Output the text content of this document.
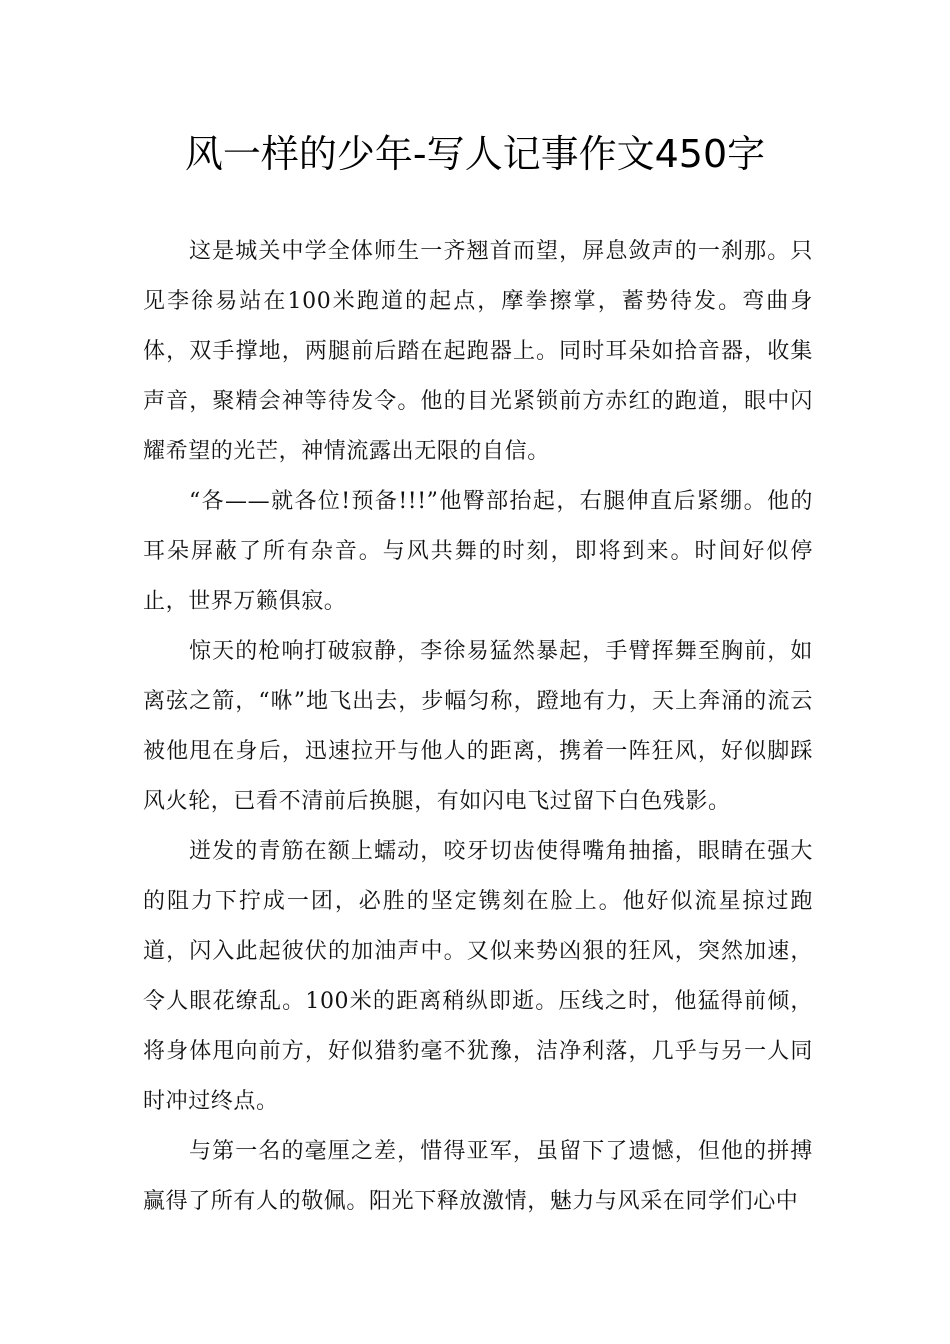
风一样的少年-写人记事作文450字

这是城关中学全体师生一齐翘首而望，屏息敛声的一刹那。只见李徐易站在100米跑道的起点，摩拳擦掌，蓄势待发。弯曲身体，双手撑地，两腿前后踏在起跑器上。同时耳朵如拾音器，收集声音，聚精会神等待发令。他的目光紧锁前方赤红的跑道，眼中闪耀希望的光芒，神情流露出无限的自信。

“各——就各位!预备!!!”他臀部抬起，右腿伸直后紧绷。他的耳朵屏蔽了所有杂音。与风共舞的时刻，即将到来。时间好似停止，世界万籁俱寂。

惊天的枪响打破寂静，李徐易猛然暴起，手臂挥舞至胸前，如离弦之箭，“咻”地飞出去，步幅匀称，蹬地有力，天上奔涌的流云被他甩在身后，迅速拉开与他人的距离，携着一阵狂风，好似脚踩风火轮，已看不清前后换腿，有如闪电飞过留下白色残影。

迸发的青筋在额上蠕动，咬牙切齿使得嘴角抽搐，眼睛在强大的阻力下拧成一团，必胜的坚定镌刻在脸上。他好似流星掠过跑道，闪入此起彼伏的加油声中。又似来势凶狠的狂风，突然加速，令人眼花缭乱。100米的距离稍纵即逝。压线之时，他猛得前倾，将身体甩向前方，好似猎豹毫不犹豫，洁净利落，几乎与另一人同时冲过终点。

与第一名的毫厘之差，惜得亚军，虽留下了遗憾，但他的拼搏赢得了所有人的敬佩。阳光下释放激情，魅力与风采在同学们心中
